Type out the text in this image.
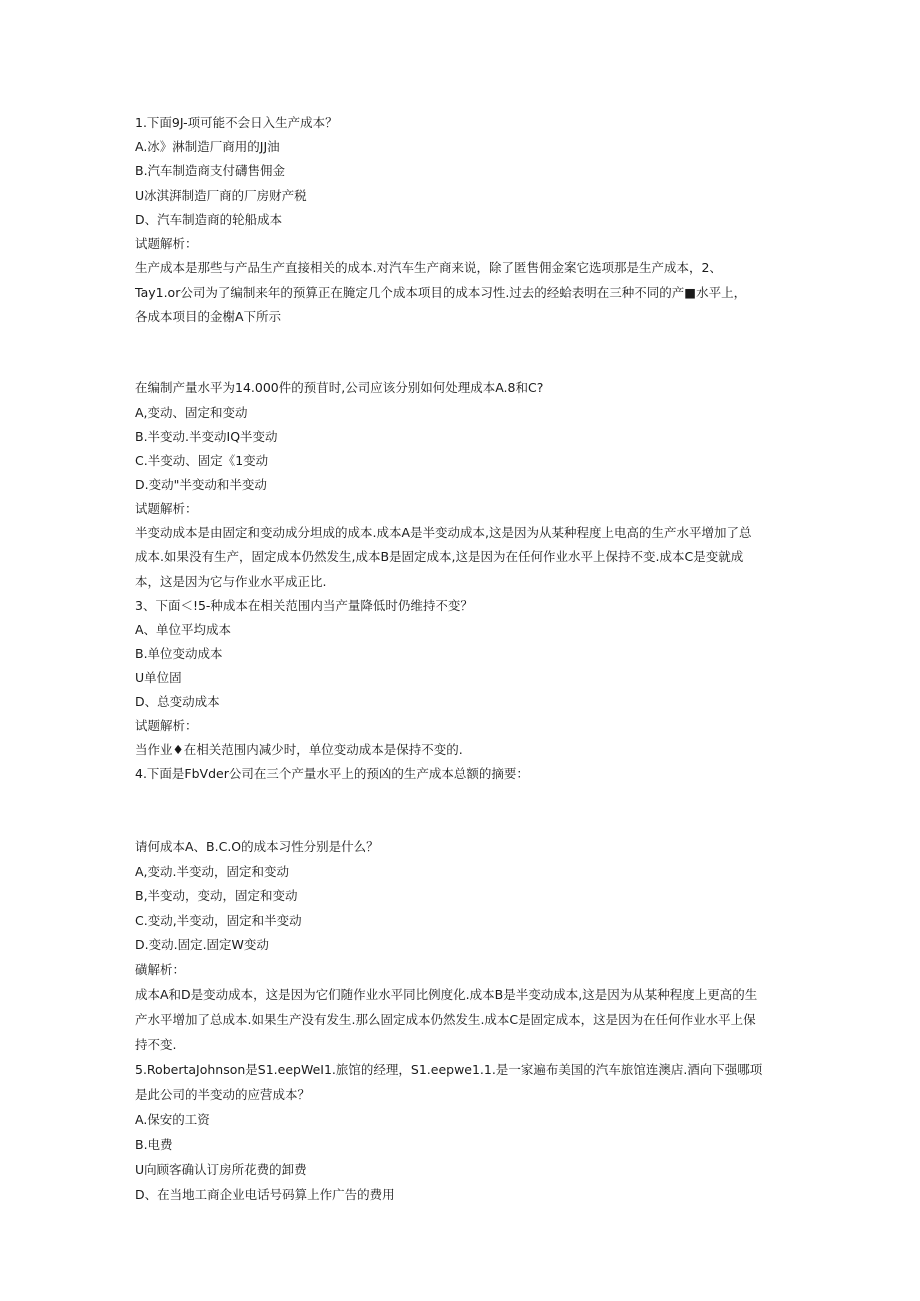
1.下面9J-项可能不会日入生产成本？
A.冰》淋制造厂商用的JJ油
B.汽车制造商支付礴售佣金
U冰淇湃制造厂商的厂房财产税
D、汽车制造商的轮船成本
试题解析：
生产成本是那些与产品生产直接相关的成本.对汽车生产商来说，除了匿售佣金案它选项那是生产成本，2、
Tay1.or公司为了编制来年的预算正在腌定几个成本项目的成本习性.过去的经蛤表明在三种不同的产■水平上，
各成本项目的金榭A下所示
在编制产量水平为14.000件的预苜时,公司应该分别如何处理成本A.8和C?
A,变动、固定和变动
B.半变动.半变动IQ半变动
C.半变动、固定《1变动
D.变动"半变动和半变动
试题解析：
半变动成本是由固定和变动成分坦成的成本.成本A是半变动成本,这是因为从某种程度上电高的生产水平增加了总
成本.如果没有生产，固定成本仍然发生,成本B是固定成本,这是因为在任何作业水平上保持不变.成本C是变就成
本，这是因为它与作业水平成正比.
3、下面＜!5-种成本在相关范围内当产量降低时仍维持不变？
A、单位平均成本
B.单位变动成本
U单位固
D、总变动成本
试题解析：
当作业♦在相关范围内减少时，单位变动成本是保持不变的.
4.下面是FbVder公司在三个产量水平上的预凶的生产成本总额的摘要：
请何成本A、B.C.O的成本习性分别是什么？
A,变动.半变动，固定和变动
B,半变动，变动，固定和变动
C.变动,半变动，固定和半变动
D.变动.固定.固定W变动
磺解析：
成本A和D是变动成本，这是因为它们随作业水平同比例度化.成本B是半变动成本,这是因为从某种程度上更高的生
产水平增加了总成本.如果生产没有发生.那么固定成本仍然发生.成本C是固定成本，这是因为在任何作业水平上保
持不变.
5.RobertaJohnson是S1.eepWeI1.旅馆的经理，S1.eepwe1.1.是一家遍布美国的汽车旅馆连澳店.酒向下强哪项
是此公司的半变动的应营成本？
A.保安的工资
B.电费
U向顾客确认订房所花费的卸费
D、在当地工商企业电话号码算上作广告的费用
